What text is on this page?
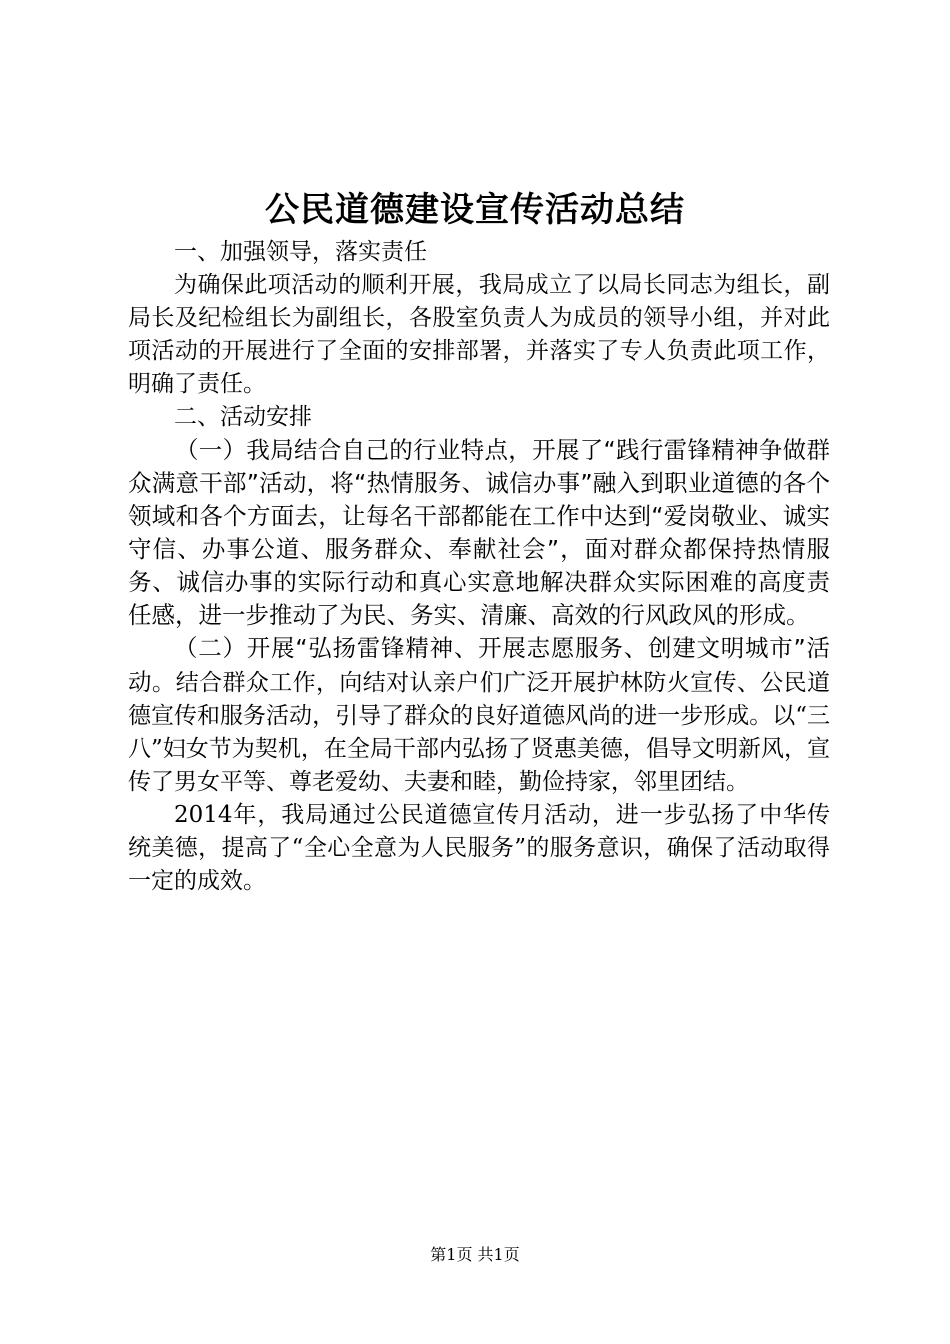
公民道德建设宣传活动总结

一、加强领导，落实责任

为确保此项活动的顺利开展，我局成立了以局长同志为组长，副局长及纪检组长为副组长，各股室负责人为成员的领导小组，并对此项活动的开展进行了全面的安排部署，并落实了专人负责此项工作，明确了责任。

二、活动安排

（一）我局结合自己的行业特点，开展了“践行雷锋精神争做群众满意干部”活动，将“热情服务、诚信办事”融入到职业道德的各个领域和各个方面去，让每名干部都能在工作中达到“爱岗敬业、诚实守信、办事公道、服务群众、奉献社会”，面对群众都保持热情服务、诚信办事的实际行动和真心实意地解决群众实际困难的高度责任感，进一步推动了为民、务实、清廉、高效的行风政风的形成。

（二）开展“弘扬雷锋精神、开展志愿服务、创建文明城市”活动。结合群众工作，向结对认亲户们广泛开展护林防火宣传、公民道德宣传和服务活动，引导了群众的良好道德风尚的进一步形成。以“三八”妇女节为契机，在全局干部内弘扬了贤惠美德，倡导文明新风，宣传了男女平等、尊老爱幼、夫妻和睦，勤俭持家，邻里团结。

2014年，我局通过公民道德宣传月活动，进一步弘扬了中华传统美德，提高了“全心全意为人民服务”的服务意识，确保了活动取得一定的成效。

第1页 共1页
